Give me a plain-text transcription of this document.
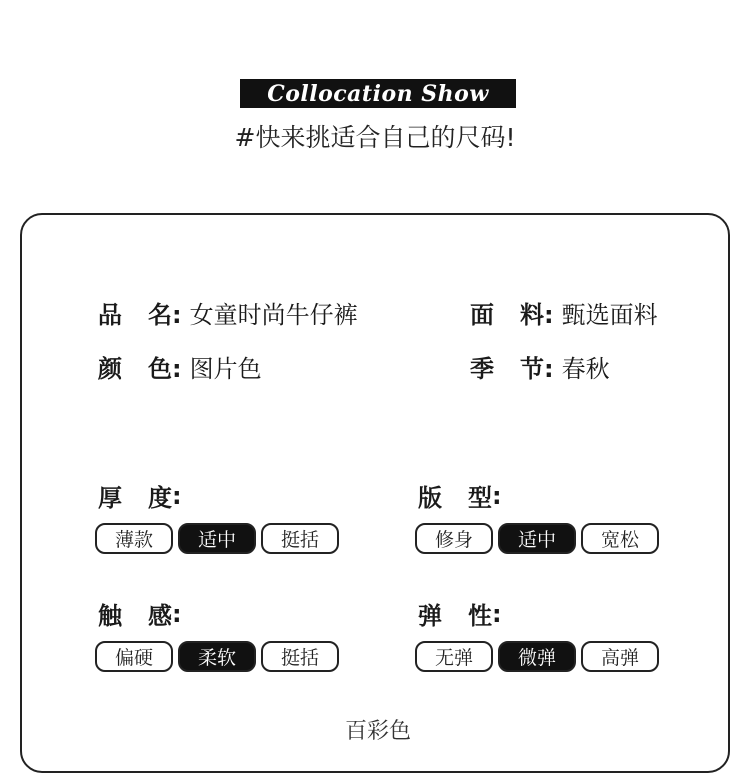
Collocation Show
#快来挑适合自己的尺码!
品名 : 女童时尚牛仔裤	面料 : 甄选面料
颜色 : 图片色	季节 : 春秋
厚度 :
薄款	适中	挺括
版型 :
修身	适中	宽松
触感 :
偏硬	柔软	挺括
弹性 :
无弹	微弹	高弹
百彩色
